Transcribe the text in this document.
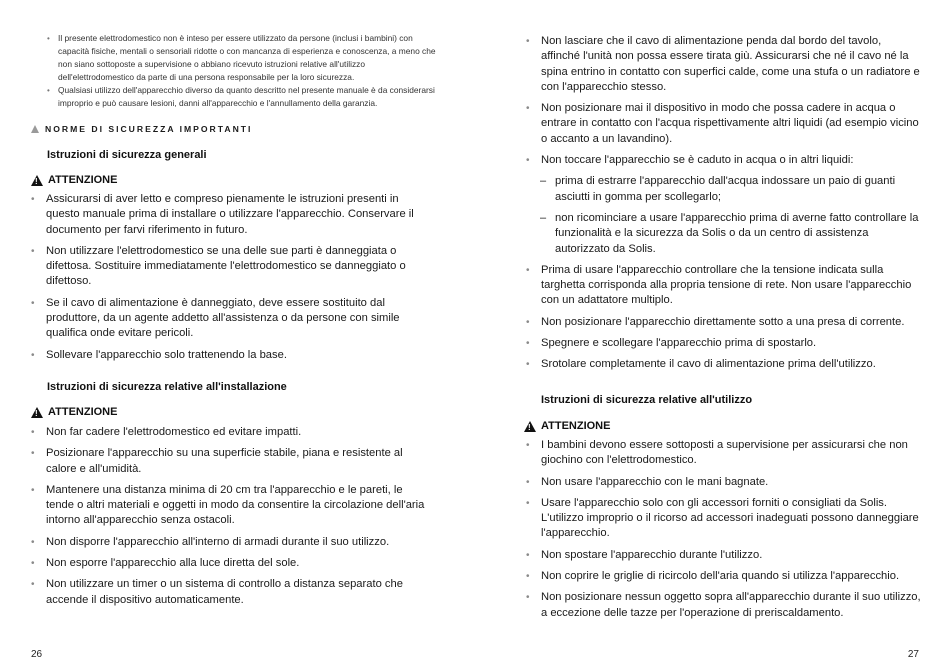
• Il presente elettrodomestico non è inteso per essere utilizzato da persone (inclusi i bambini) con capacità fisiche, mentali o sensoriali ridotte o con mancanza di esperienza e conoscenza, a meno che non siano sottoposte a supervisione o abbiano ricevuto istruzioni relative all'utilizzo dell'elettrodomestico da parte di una persona responsabile per la loro sicurezza.
• Qualsiasi utilizzo dell'apparecchio diverso da quanto descritto nel presente manuale è da considerarsi improprio e può causare lesioni, danni all'apparecchio e l'annullamento della garanzia.
NORME DI SICUREZZA IMPORTANTI
Istruzioni di sicurezza generali
!
ATTENZIONE
• Assicurarsi di aver letto e compreso pienamente le istruzioni presenti in questo manuale prima di installare o utilizzare l'apparecchio. Conservare il documento per farvi riferimento in futuro.
• Non utilizzare l'elettrodomestico se una delle sue parti è danneggiata o difettosa. Sostituire immediatamente l'elettrodomestico se danneggiato o difettoso.
• Se il cavo di alimentazione è danneggiato, deve essere sostituito dal produttore, da un agente addetto all'assistenza o da persone con simile qualifica onde evitare pericoli.
• Sollevare l'apparecchio solo trattenendo la base.
Istruzioni di sicurezza relative all'installazione
!
ATTENZIONE
• Non far cadere l'elettrodomestico ed evitare impatti.
• Posizionare l'apparecchio su una superficie stabile, piana e resistente al calore e all'umidità.
• Mantenere una distanza minima di 20 cm tra l'apparecchio e le pareti, le tende o altri materiali e oggetti in modo da consentire la circolazione dell'aria intorno all'apparecchio senza ostacoli.
• Non disporre l'apparecchio all'interno di armadi durante il suo utilizzo.
• Non esporre l'apparecchio alla luce diretta del sole.
• Non utilizzare un timer o un sistema di controllo a distanza separato che accende il dispositivo automaticamente.
26
• Non lasciare che il cavo di alimentazione penda dal bordo del tavolo, affinché l'unità non possa essere tirata giù. Assicurarsi che né il cavo né la spina entrino in contatto con superfici calde, come una stufa o un radiatore e con l'apparecchio stesso.
• Non posizionare mai il dispositivo in modo che possa cadere in acqua o entrare in contatto con l'acqua rispettivamente altri liquidi (ad esempio vicino o accanto a un lavandino).
• Non toccare l'apparecchio se è caduto in acqua o in altri liquidi:
– prima di estrarre l'apparecchio dall'acqua indossare un paio di guanti asciutti in gomma per scollegarlo;
– non ricominciare a usare l'apparecchio prima di averne fatto controllare la funzionalità e la sicurezza da Solis o da un centro di assistenza autorizzato da Solis.
• Prima di usare l'apparecchio controllare che la tensione indicata sulla targhetta corrisponda alla propria tensione di rete. Non usare l'apparecchio con un adattatore multiplo.
• Non posizionare l'apparecchio direttamente sotto a una presa di corrente.
• Spegnere e scollegare l'apparecchio prima di spostarlo.
• Srotolare completamente il cavo di alimentazione prima dell'utilizzo.
Istruzioni di sicurezza relative all'utilizzo
!
ATTENZIONE
• I bambini devono essere sottoposti a supervisione per assicurarsi che non giochino con l'elettrodomestico.
• Non usare l'apparecchio con le mani bagnate.
• Usare l'apparecchio solo con gli accessori forniti o consigliati da Solis. L'utilizzo improprio o il ricorso ad accessori inadeguati possono danneggiare l'apparecchio.
• Non spostare l'apparecchio durante l'utilizzo.
• Non coprire le griglie di ricircolo dell'aria quando si utilizza l'apparecchio.
• Non posizionare nessun oggetto sopra all'apparecchio durante il suo utilizzo, a eccezione delle tazze per l'operazione di preriscaldamento.
27
